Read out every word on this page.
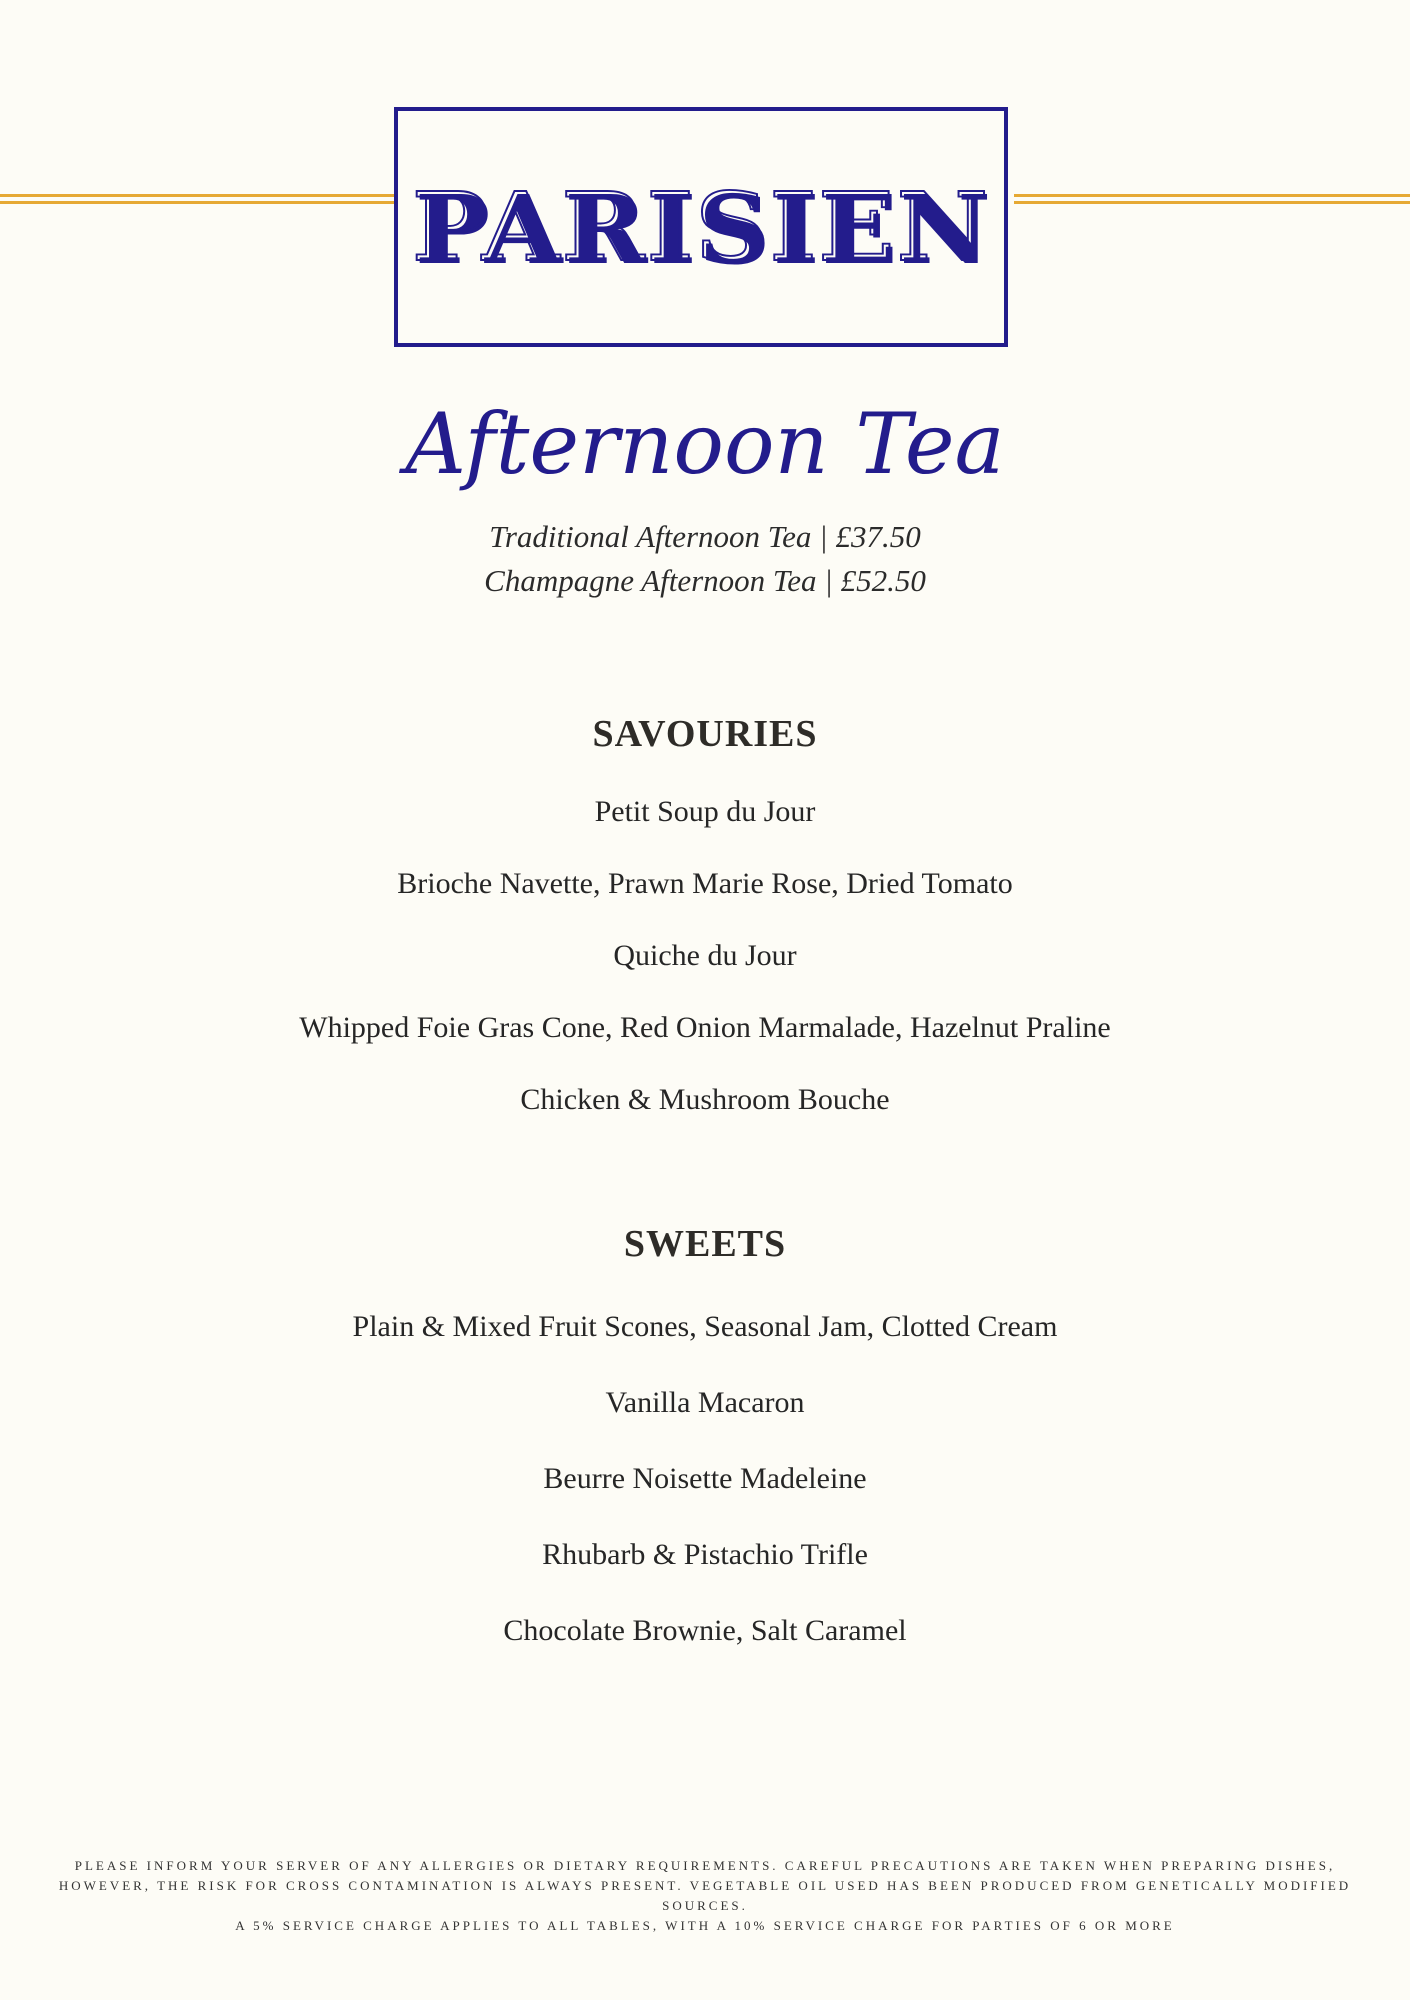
PARISIEN
Afternoon Tea
Traditional Afternoon Tea | £37.50
Champagne Afternoon Tea | £52.50
SAVOURIES
Petit Soup du Jour
Brioche Navette, Prawn Marie Rose, Dried Tomato
Quiche du Jour
Whipped Foie Gras Cone, Red Onion Marmalade, Hazelnut Praline
Chicken & Mushroom Bouche
SWEETS
Plain & Mixed Fruit Scones, Seasonal Jam, Clotted Cream
Vanilla Macaron
Beurre Noisette Madeleine
Rhubarb & Pistachio Trifle
Chocolate Brownie, Salt Caramel
PLEASE INFORM YOUR SERVER OF ANY ALLERGIES OR DIETARY REQUIREMENTS. CAREFUL PRECAUTIONS ARE TAKEN WHEN PREPARING DISHES, HOWEVER, THE RISK FOR CROSS CONTAMINATION IS ALWAYS PRESENT. VEGETABLE OIL USED HAS BEEN PRODUCED FROM GENETICALLY MODIFIED SOURCES.
A 5% SERVICE CHARGE APPLIES TO ALL TABLES, WITH A 10% SERVICE CHARGE FOR PARTIES OF 6 OR MORE
